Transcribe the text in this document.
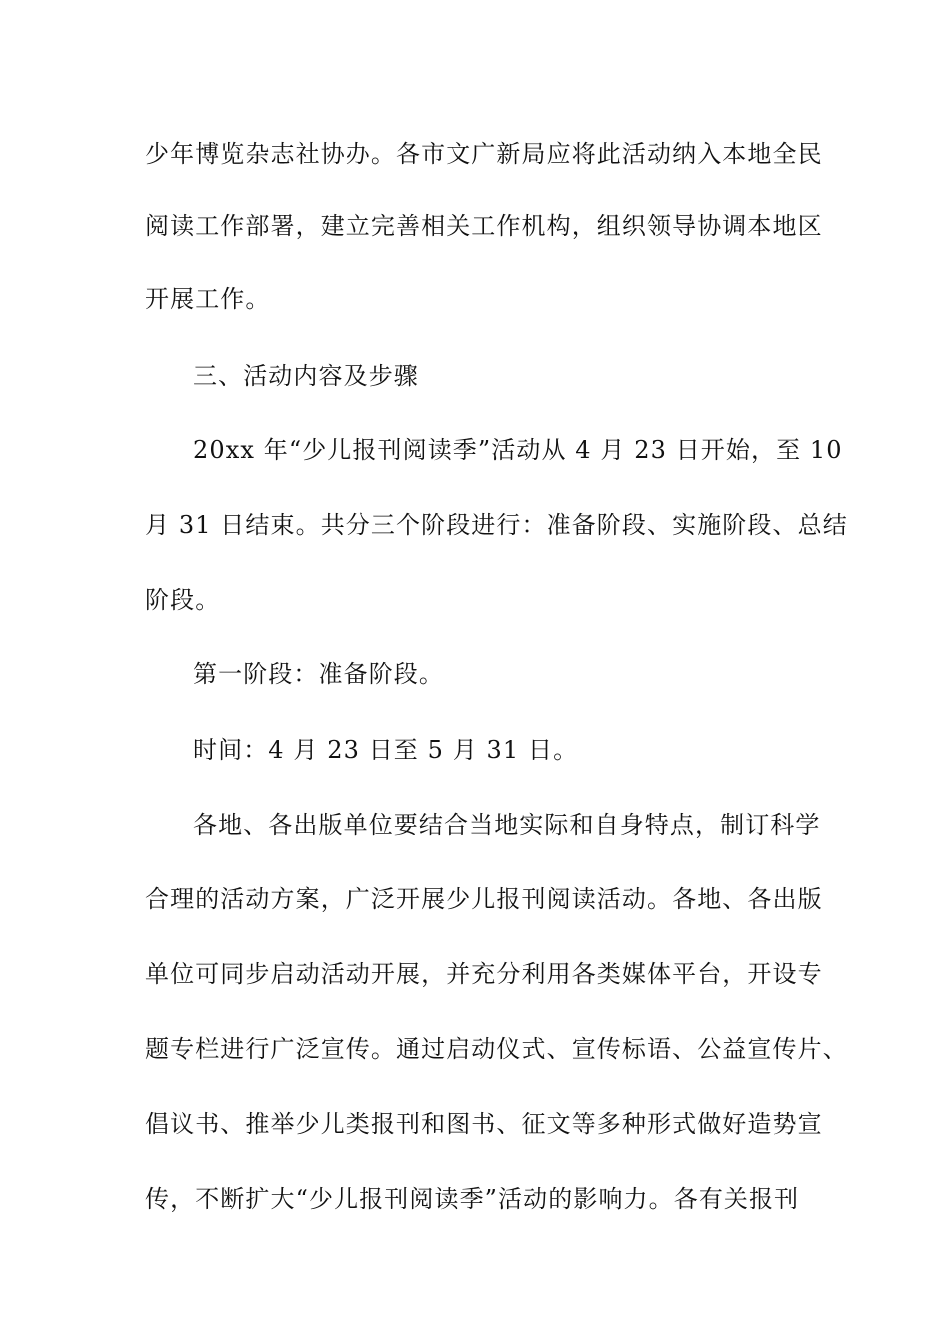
少年博览杂志社协办。各市文广新局应将此活动纳入本地全民
阅读工作部署，建立完善相关工作机构，组织领导协调本地区
开展工作。
三、活动内容及步骤
20xx 年“少儿报刊阅读季”活动从 4 月 23 日开始，至 10
月 31 日结束。共分三个阶段进行：准备阶段、实施阶段、总结
阶段。
第一阶段：准备阶段。
时间：4 月 23 日至 5 月 31 日。
各地、各出版单位要结合当地实际和自身特点，制订科学
合理的活动方案，广泛开展少儿报刊阅读活动。各地、各出版
单位可同步启动活动开展，并充分利用各类媒体平台，开设专
题专栏进行广泛宣传。通过启动仪式、宣传标语、公益宣传片、
倡议书、推举少儿类报刊和图书、征文等多种形式做好造势宣
传，不断扩大“少儿报刊阅读季”活动的影响力。各有关报刊
